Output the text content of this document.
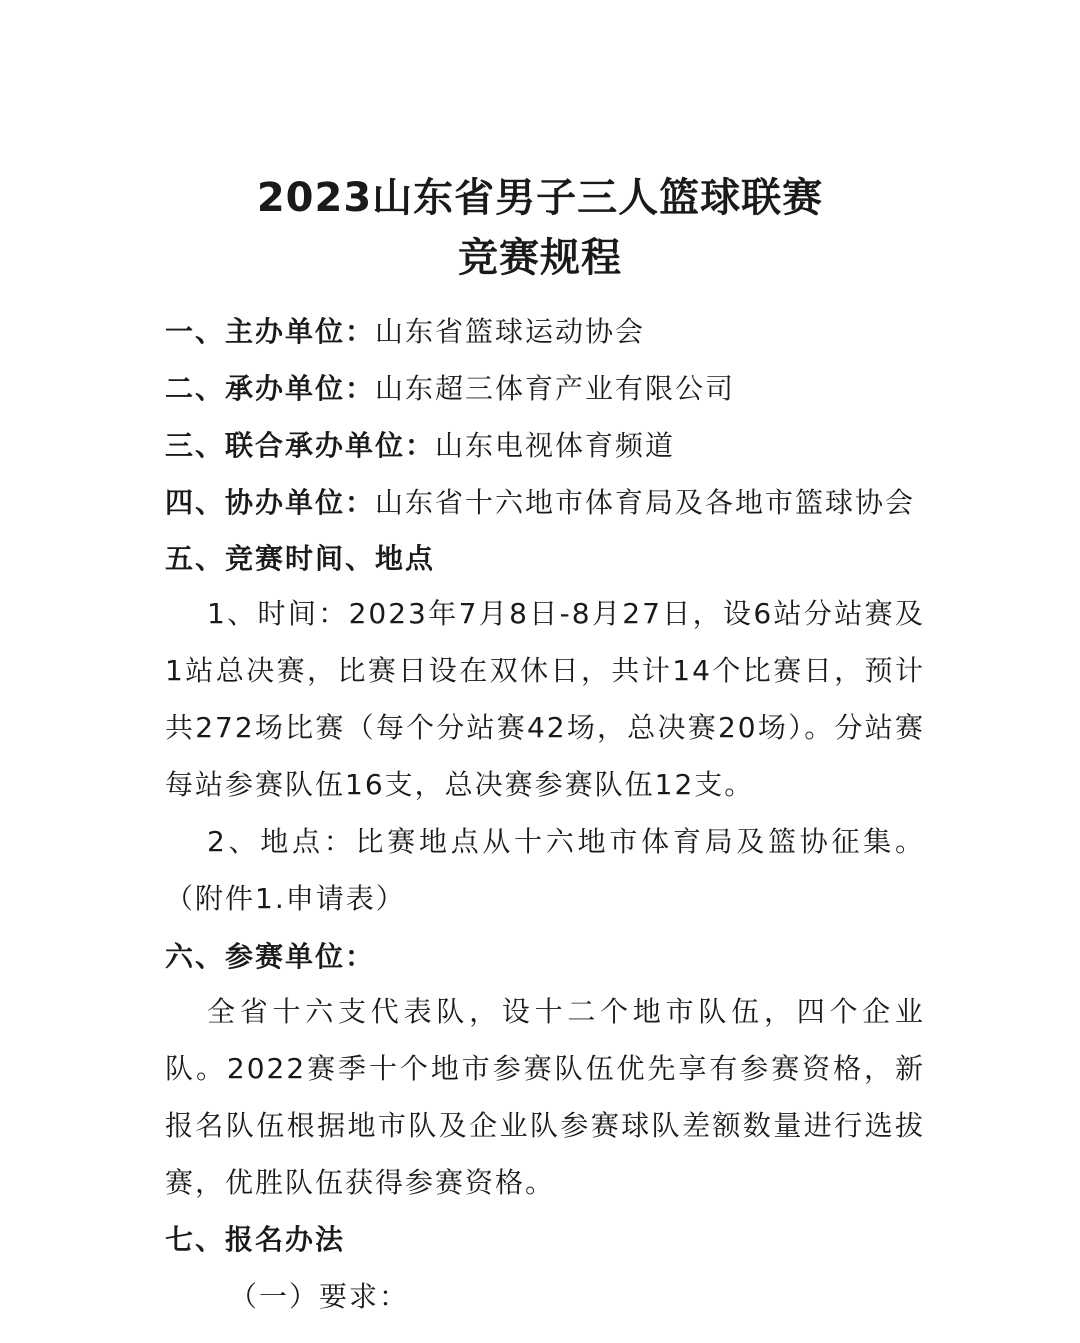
2023山东省男子三人篮球联赛
竞赛规程
一、主办单位：山东省篮球运动协会
二、承办单位：山东超三体育产业有限公司
三、联合承办单位：山东电视体育频道
四、协办单位：山东省十六地市体育局及各地市篮球协会
五、竞赛时间、地点

1、时间：2023年7月8日-8月27日，设6站分站赛及1站总决赛，比赛日设在双休日，共计14个比赛日，预计共272场比赛（每个分站赛42场，总决赛20场）。分站赛每站参赛队伍16支，总决赛参赛队伍12支。

2、地点：比赛地点从十六地市体育局及篮协征集。（附件1.申请表）

六、参赛单位：

全省十六支代表队，设十二个地市队伍，四个企业队。2022赛季十个地市参赛队伍优先享有参赛资格，新报名队伍根据地市队及企业队参赛球队差额数量进行选拔赛，优胜队伍获得参赛资格。

七、报名办法
（一）要求：
